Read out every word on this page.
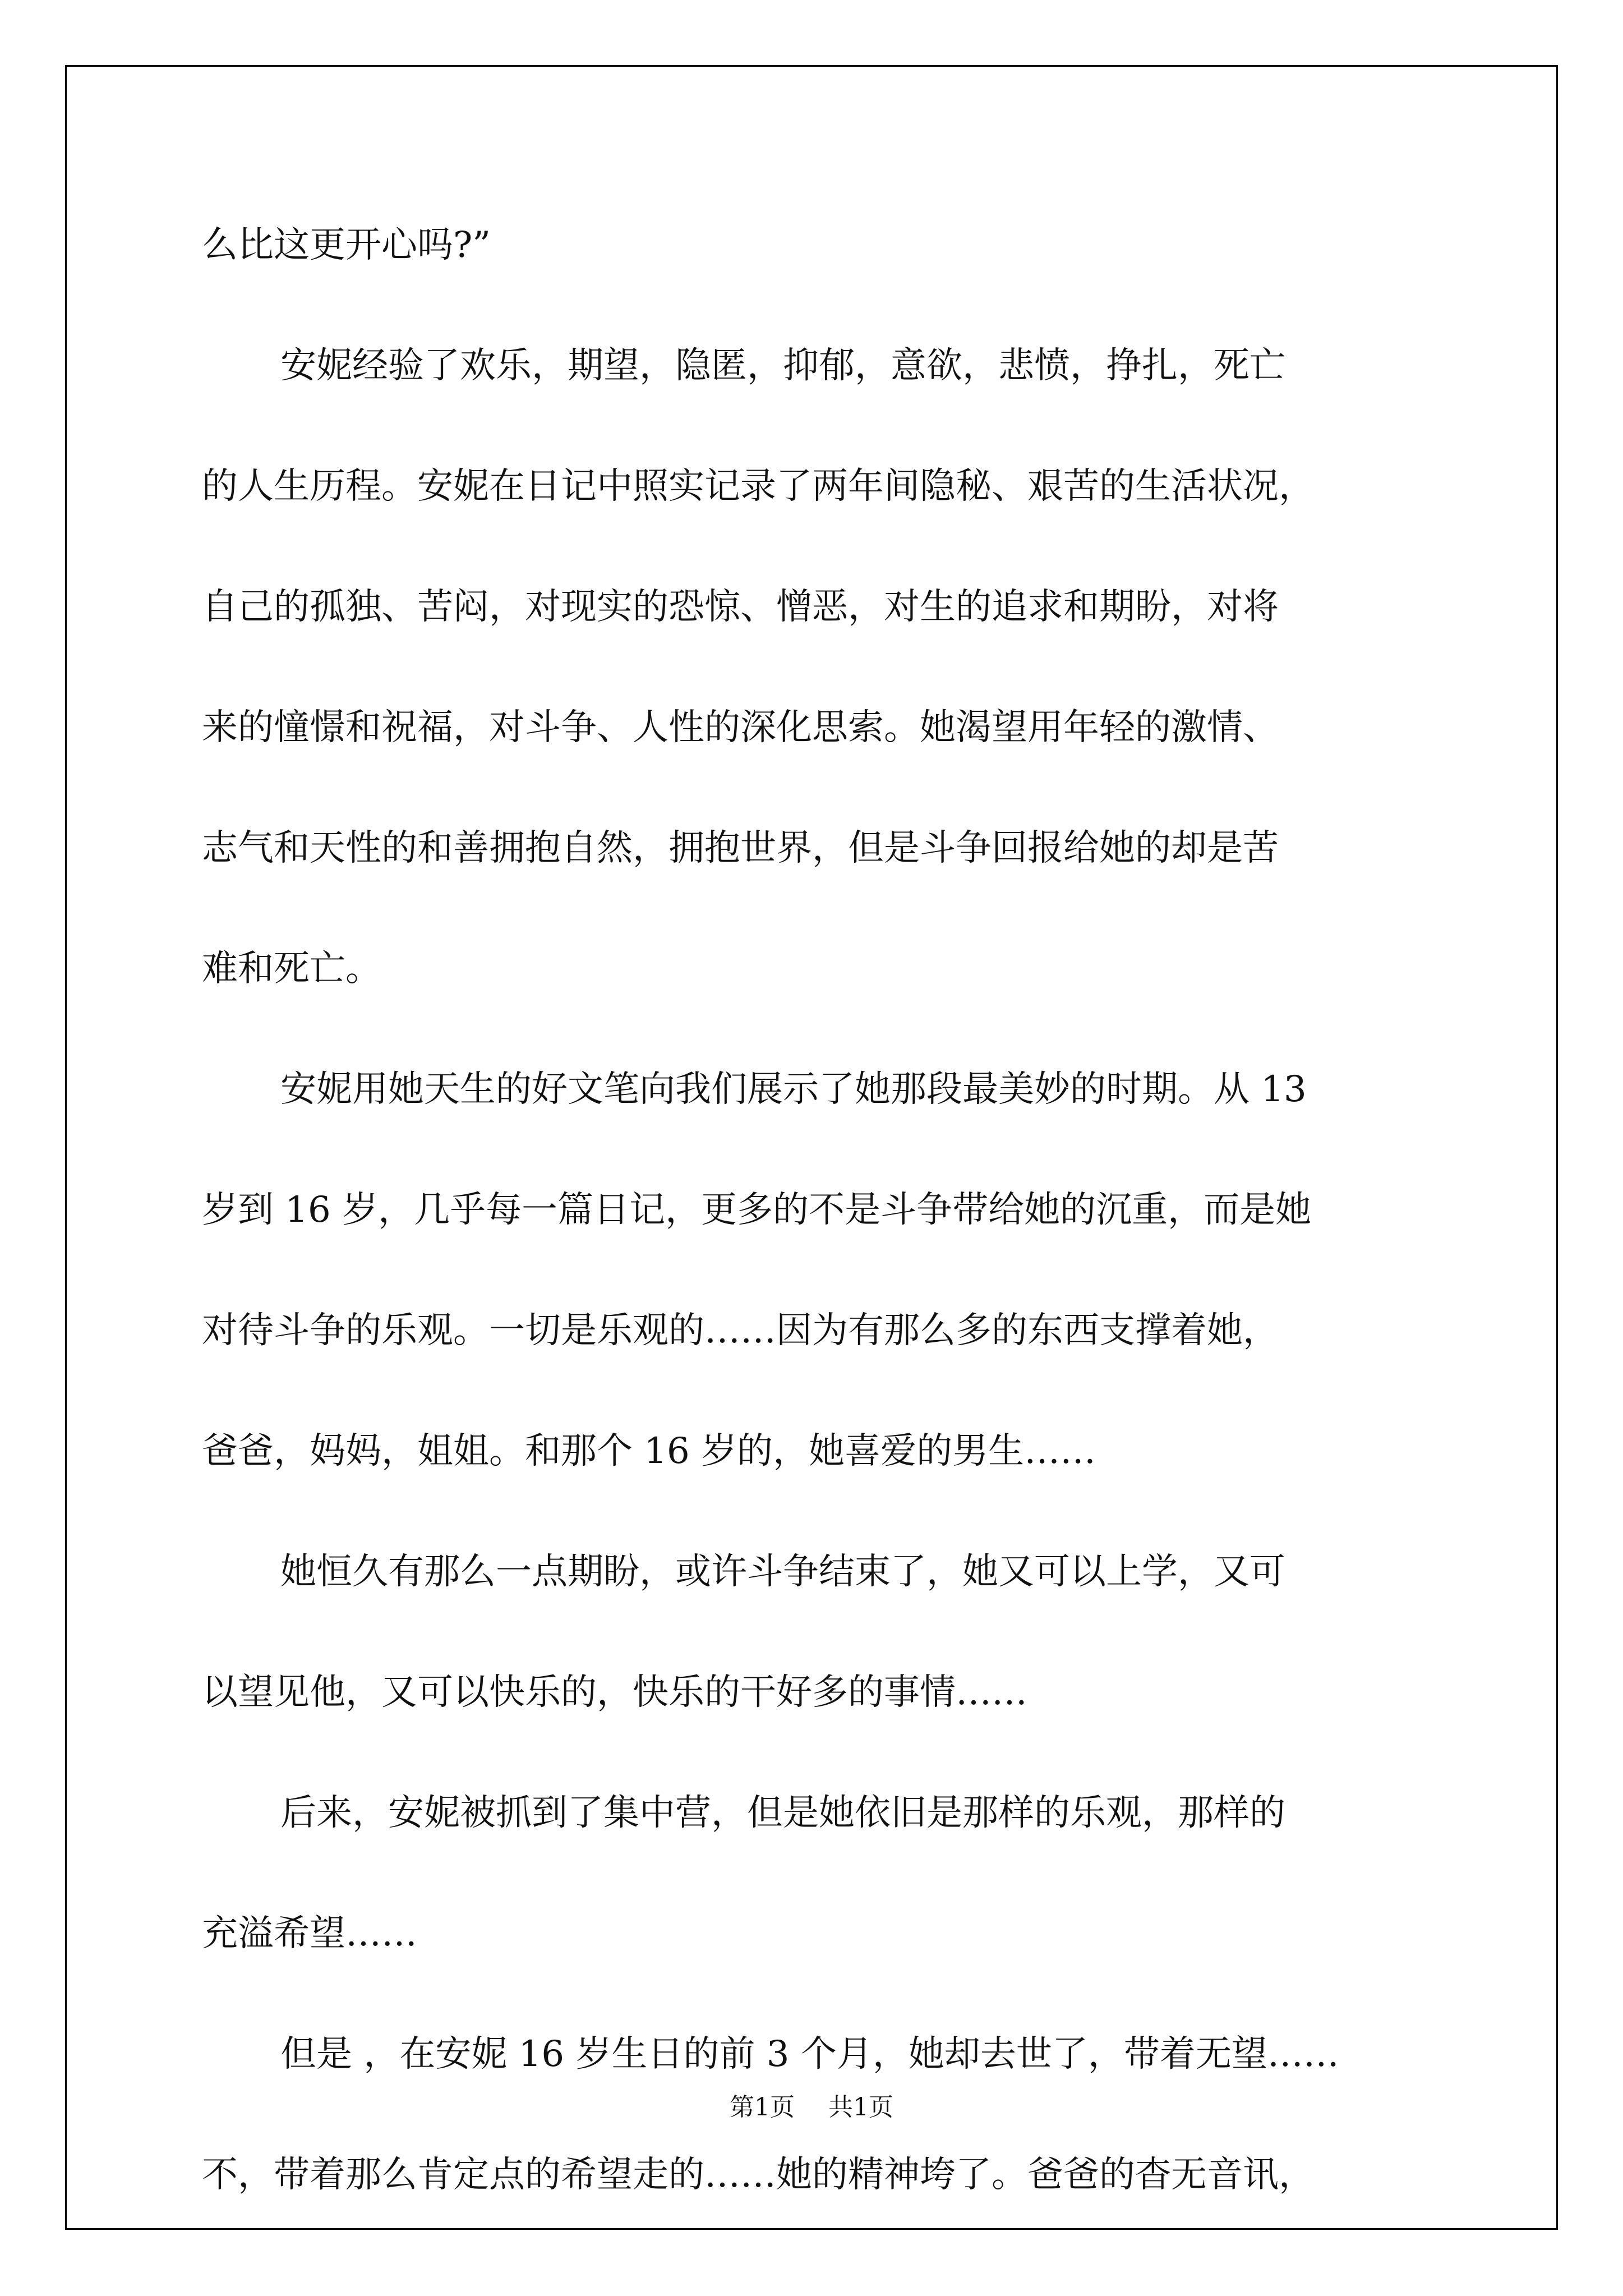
么比这更开心吗?”
安妮经验了欢乐，期望，隐匿，抑郁，意欲，悲愤，挣扎，死亡
的人生历程。安妮在日记中照实记录了两年间隐秘、艰苦的生活状况，
自己的孤独、苦闷，对现实的恐惊、憎恶，对生的追求和期盼，对将
来的憧憬和祝福，对斗争、人性的深化思索。她渴望用年轻的激情、
志气和天性的和善拥抱自然，拥抱世界，但是斗争回报给她的却是苦
难和死亡。
安妮用她天生的好文笔向我们展示了她那段最美妙的时期。从 13
岁到 16 岁，几乎每一篇日记，更多的不是斗争带给她的沉重，而是她
对待斗争的乐观。一切是乐观的……因为有那么多的东西支撑着她，
爸爸，妈妈，姐姐。和那个 16 岁的，她喜爱的男生……
她恒久有那么一点期盼，或许斗争结束了，她又可以上学，又可
以望见他，又可以快乐的，快乐的干好多的事情……
后来，安妮被抓到了集中营，但是她依旧是那样的乐观，那样的
充溢希望……
但是 ，在安妮 16 岁生日的前 3 个月，她却去世了，带着无望……
不，带着那么肯定点的希望走的……她的精神垮了。爸爸的杳无音讯，
第1页 共1页
